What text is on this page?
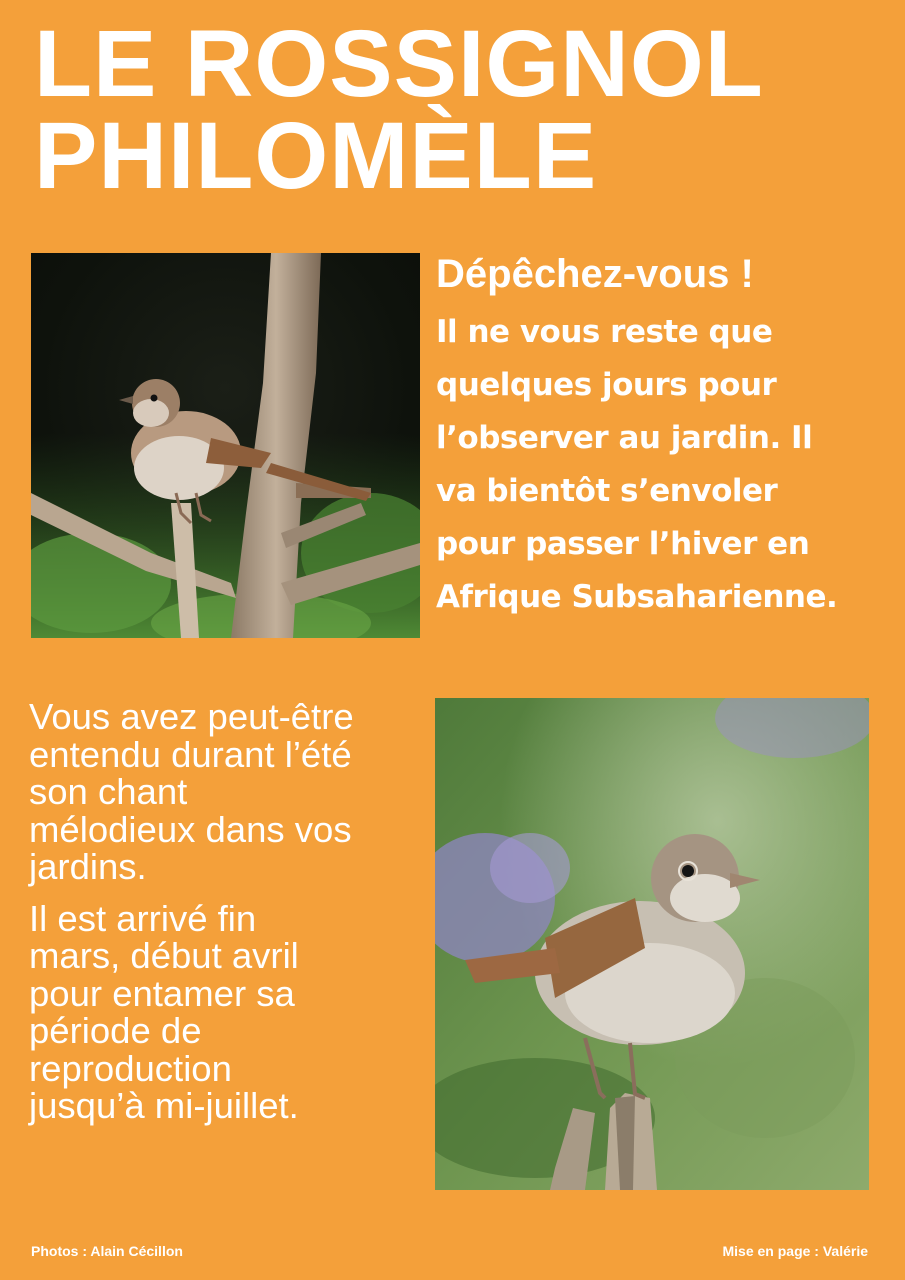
LE ROSSIGNOL
PHILOMÈLE

Dépêchez-vous !

Il ne vous reste que
quelques jours pour
l’observer au jardin. Il
va bientôt s’envoler
pour passer l’hiver en
Afrique Subsaharienne.

Vous avez peut-être
entendu durant l’été
son chant
mélodieux dans vos
jardins.

Il est arrivé fin
mars, début avril
pour entamer sa
période de
reproduction
jusqu’à mi-juillet.

Photos : Alain Cécillon	Mise en page : Valérie
